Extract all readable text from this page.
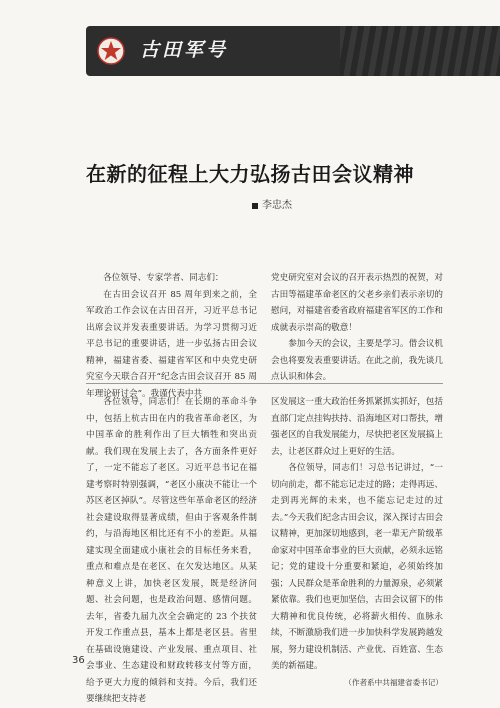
古田军号
在新的征程上大力弘扬古田会议精神
李忠杰

各位领导、专家学者、同志们：

在古田会议召开 85 周年到来之前，全军政治工作会议在古田召开，习近平总书记出席会议并发表重要讲话。为学习贯彻习近平总书记的重要讲话，进一步弘扬古田会议精神，福建省委、福建省军区和中央党史研究室今天联合召开“纪念古田会议召开 85 周年理论研讨会”。我谨代表中共

党史研究室对会议的召开表示热烈的祝贺，对古田等福建革命老区的父老乡亲们表示亲切的慰问，对福建省委省政府福建省军区的工作和成就表示崇高的敬意！

参加今天的会议，主要是学习。借会议机会也将要发表重要讲话。在此之前，我先谈几点认识和体会。

各位领导，同志们！在长期的革命斗争中，包括上杭古田在内的我省革命老区，为中国革命的胜利作出了巨大牺牲和突出贡献。我们现在发展上去了，各方面条件更好了，一定不能忘了老区。习近平总书记在福建考察时特别强调，“老区小康决不能让一个苏区老区掉队”。尽管这些年革命老区的经济社会建设取得显著成绩，但由于客观条件制约，与沿海地区相比还有不小的差距。从福建实现全面建成小康社会的目标任务来看，重点和难点是在老区、在欠发达地区。从某种意义上讲，加快老区发展，既是经济问题、社会问题，也是政治问题、感情问题。去年，省委九届九次全会确定的 23 个扶贫开发工作重点县，基本上都是老区县。省里在基础设施建设、产业发展、重点项目、社会事业、生态建设和财政转移支付等方面，给予更大力度的倾斜和支持。今后，我们还要继续把支持老

区发展这一重大政治任务抓紧抓实抓好，包括直部门定点挂钩扶持、沿海地区对口帮扶，增强老区的自我发展能力，尽快把老区发展搞上去，让老区群众过上更好的生活。

各位领导，同志们！习总书记讲过，“一切向前走，都不能忘记走过的路；走得再远、走到再光辉的未来，也不能忘记走过的过去。”今天我们纪念古田会议，深入探讨古田会议精神，更加深切地感到，老一辈无产阶级革命家对中国革命事业的巨大贡献，必须永远铭记；党的建设十分重要和紧迫，必须始终加强；人民群众是革命胜利的力量源泉，必须紧紧依靠。我们也更加坚信，古田会议留下的伟大精神和优良传统，必将薪火相传、血脉永续，不断激励我们进一步加快科学发展跨越发展，努力建设机制活、产业优、百姓富、生态美的新福建。

（作者系中共福建省委书记）
36
